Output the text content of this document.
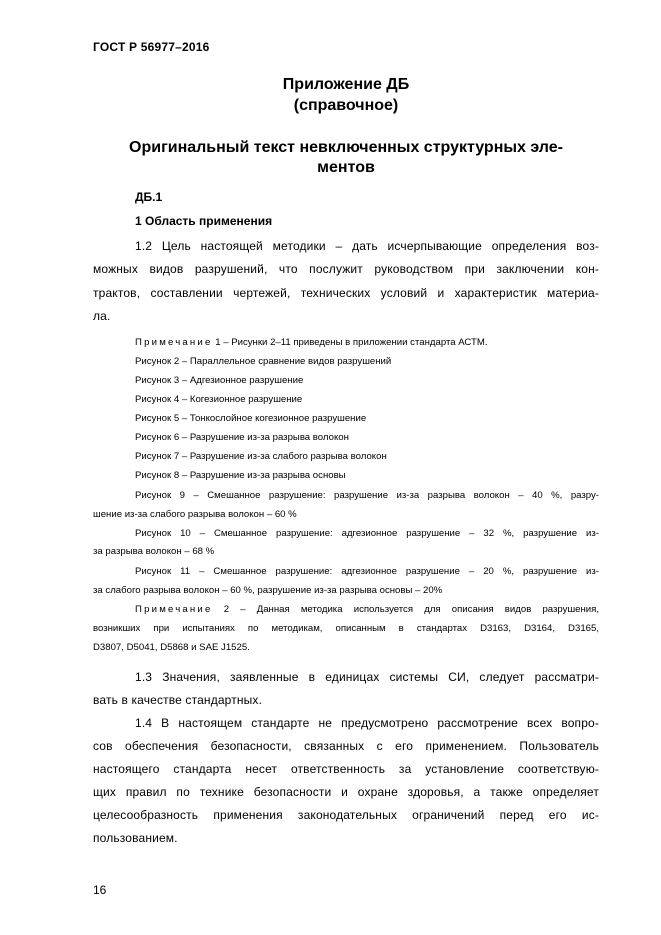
ГОСТ Р 56977–2016
Приложение ДБ
(справочное)
Оригинальный текст невключенных структурных эле-
ментов
ДБ.1
1 Область применения
1.2 Цель настоящей методики – дать исчерпывающие определения воз-
можных видов разрушений, что послужит руководством при заключении кон-
трактов, составлении чертежей, технических условий и характеристик материа-
ла.
Примечание 1 – Рисунки 2–11 приведены в приложении стандарта АСТМ.
Рисунок 2 – Параллельное сравнение видов разрушений
Рисунок 3 – Адгезионное разрушение
Рисунок 4 – Когезионное разрушение
Рисунок 5 – Тонкослойное когезионное разрушение
Рисунок 6 – Разрушение из-за разрыва волокон
Рисунок 7 – Разрушение из-за слабого разрыва волокон
Рисунок 8 – Разрушение из-за разрыва основы
Рисунок 9 – Смешанное разрушение: разрушение из-за разрыва волокон – 40 %, разру-
шение из-за слабого разрыва волокон – 60 %
Рисунок 10 – Смешанное разрушение: адгезионное разрушение – 32 %, разрушение из-
за разрыва волокон – 68 %
Рисунок 11 – Смешанное разрушение: адгезионное разрушение – 20 %, разрушение из-
за слабого разрыва волокон – 60 %, разрушение из-за разрыва основы – 20%
Примечание 2 – Данная методика используется для описания видов разрушения,
возникших при испытаниях по методикам, описанным в стандартах D3163, D3164, D3165,
D3807, D5041, D5868 и SAE J1525.
1.3 Значения, заявленные в единицах системы СИ, следует рассматри-
вать в качестве стандартных.
1.4 В настоящем стандарте не предусмотрено рассмотрение всех вопро-
сов обеспечения безопасности, связанных с его применением. Пользователь
настоящего стандарта несет ответственность за установление соответствую-
щих правил по технике безопасности и охране здоровья, а также определяет
целесообразность применения законодательных ограничений перед его ис-
пользованием.
16
